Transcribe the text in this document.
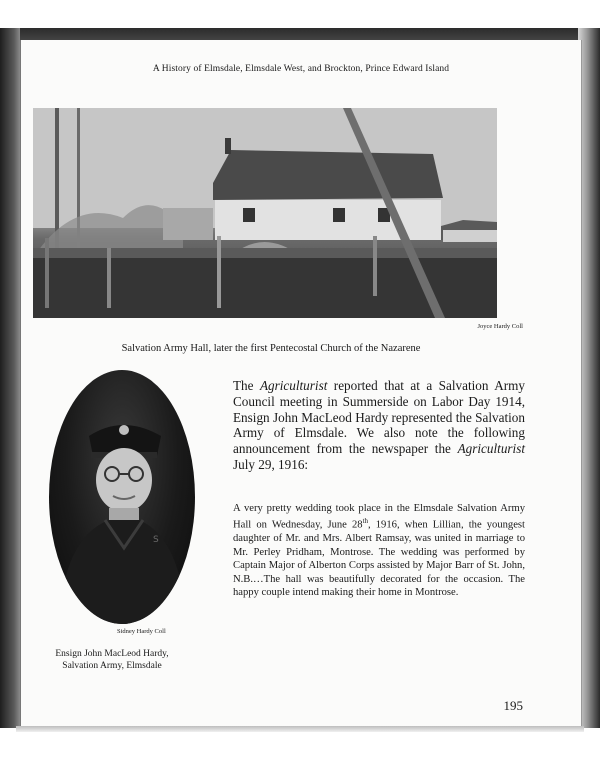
A History of Elmsdale, Elmsdale West, and Brockton, Prince Edward Island
Joyce Hardy Coll
Salvation Army Hall, later the first Pentecostal Church of the Nazarene
S
Sidney Hardy Coll
Ensign John MacLeod Hardy,
Salvation Army, Elmsdale

The Agriculturist reported that at a Salvation Army Council meeting in Summerside on Labor Day 1914, Ensign John MacLeod Hardy represented the Salvation Army of Elmsdale. We also note the following announcement from the newspaper the Agriculturist July 29, 1916:

A very pretty wedding took place in the Elmsdale Salvation Army Hall on Wednesday, June 28th, 1916, when Lillian, the youngest daughter of Mr. and Mrs. Albert Ramsay, was united in marriage to Mr. Perley Pridham, Montrose. The wedding was performed by Captain Major of Alberton Corps assisted by Major Barr of St. John, N.B.…The hall was beautifully decorated for the occasion. The happy couple intend making their home in Montrose.

195
